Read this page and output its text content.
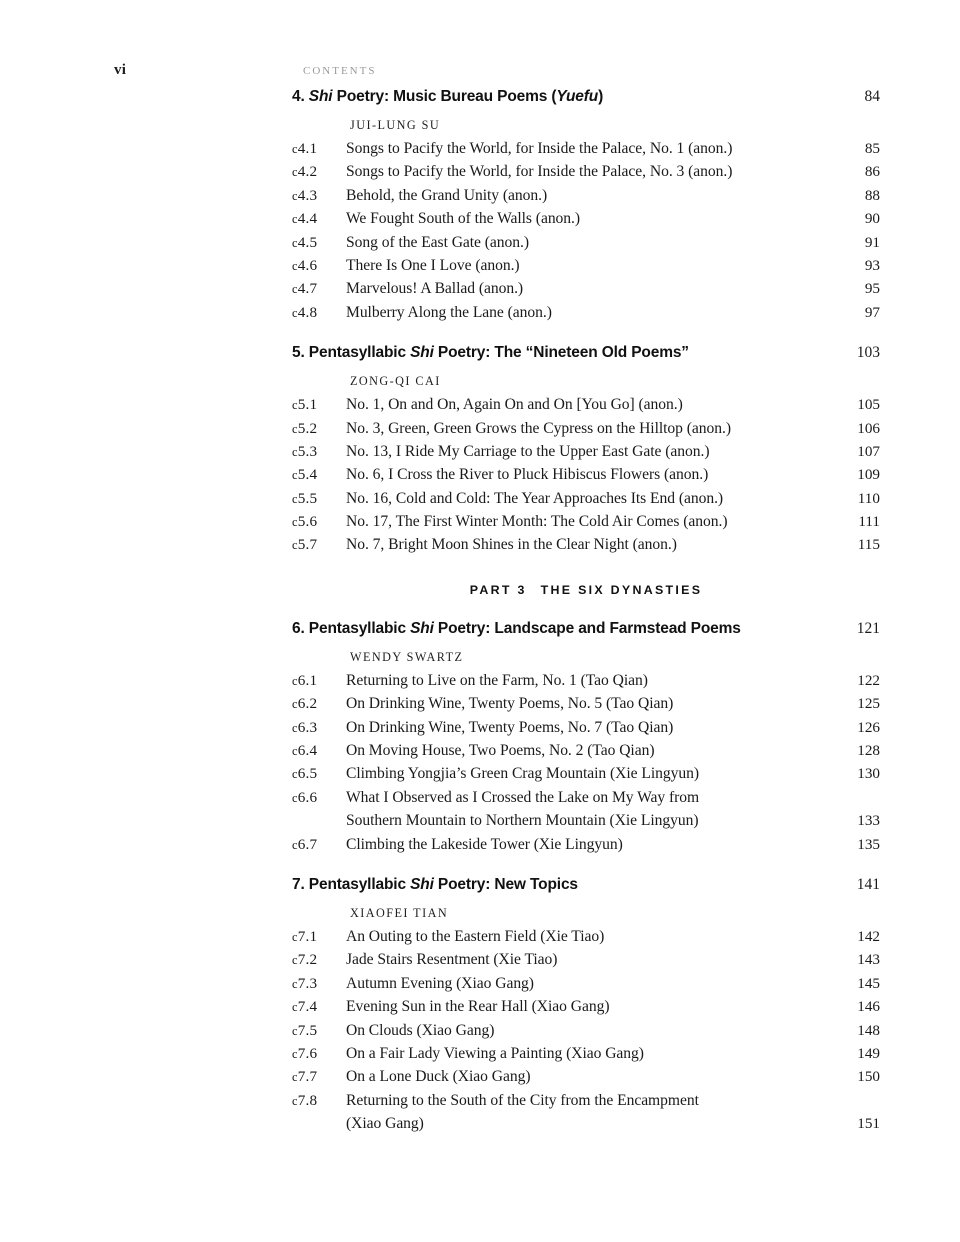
vi	CONTENTS
4. Shi Poetry: Music Bureau Poems (Yuefu)	84
JUI-LUNG SU
c4.1	Songs to Pacify the World, for Inside the Palace, No. 1 (anon.)	85
c4.2	Songs to Pacify the World, for Inside the Palace, No. 3 (anon.)	86
c4.3	Behold, the Grand Unity (anon.)	88
c4.4	We Fought South of the Walls (anon.)	90
c4.5	Song of the East Gate (anon.)	91
c4.6	There Is One I Love (anon.)	93
c4.7	Marvelous! A Ballad (anon.)	95
c4.8	Mulberry Along the Lane (anon.)	97
5. Pentasyllabic Shi Poetry: The “Nineteen Old Poems”	103
ZONG-QI CAI
c5.1	No. 1, On and On, Again On and On [You Go] (anon.)	105
c5.2	No. 3, Green, Green Grows the Cypress on the Hilltop (anon.)	106
c5.3	No. 13, I Ride My Carriage to the Upper East Gate (anon.)	107
c5.4	No. 6, I Cross the River to Pluck Hibiscus Flowers (anon.)	109
c5.5	No. 16, Cold and Cold: The Year Approaches Its End (anon.)	110
c5.6	No. 17, The First Winter Month: The Cold Air Comes (anon.)	111
c5.7	No. 7, Bright Moon Shines in the Clear Night (anon.)	115
PART 3 THE SIX DYNASTIES
6. Pentasyllabic Shi Poetry: Landscape and Farmstead Poems	121
WENDY SWARTZ
c6.1	Returning to Live on the Farm, No. 1 (Tao Qian)	122
c6.2	On Drinking Wine, Twenty Poems, No. 5 (Tao Qian)	125
c6.3	On Drinking Wine, Twenty Poems, No. 7 (Tao Qian)	126
c6.4	On Moving House, Two Poems, No. 2 (Tao Qian)	128
c6.5	Climbing Yongjia’s Green Crag Mountain (Xie Lingyun)	130
c6.6	What I Observed as I Crossed the Lake on My Way from
Southern Mountain to Northern Mountain (Xie Lingyun)	133
c6.7	Climbing the Lakeside Tower (Xie Lingyun)	135
7. Pentasyllabic Shi Poetry: New Topics	141
XIAOFEI TIAN
c7.1	An Outing to the Eastern Field (Xie Tiao)	142
c7.2	Jade Stairs Resentment (Xie Tiao)	143
c7.3	Autumn Evening (Xiao Gang)	145
c7.4	Evening Sun in the Rear Hall (Xiao Gang)	146
c7.5	On Clouds (Xiao Gang)	148
c7.6	On a Fair Lady Viewing a Painting (Xiao Gang)	149
c7.7	On a Lone Duck (Xiao Gang)	150
c7.8	Returning to the South of the City from the Encampment
(Xiao Gang)	151
